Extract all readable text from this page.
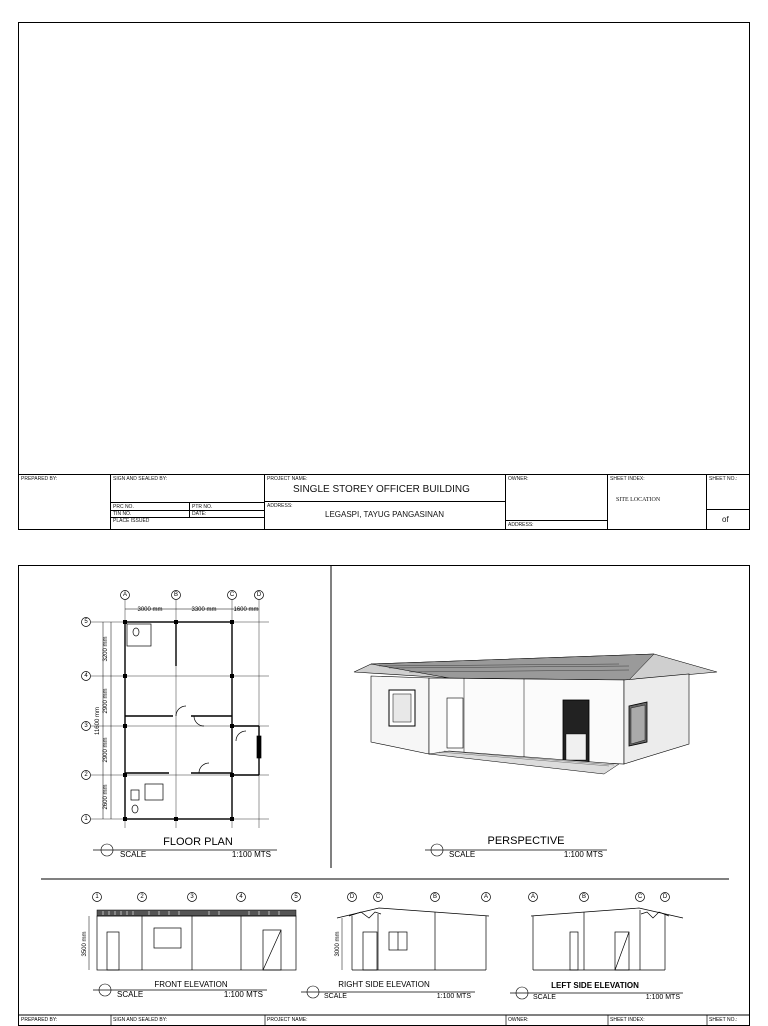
PREPARED BY:	SIGN AND SEALED BY:
PRC NO.	PTR NO.
TIN NO.	DATE:
PLACE ISSUED
PROJECT NAME:
SINGLE STOREY OFFICER BUILDING
ADDRESS:
LEGASPI, TAYUG PANGASINAN
OWNER:
ADDRESS:
SHEET INDEX:
SITE LOCATION
SHEET NO.:
of
A	B	C	D
3000 mm	3300 mm	1600 mm
5
4
3
2
1
3200 mm
2900 mm
2900 mm
2600 mm
11600 mm
FLOOR PLAN
SCALE	1:100 MTS
PERSPECTIVE
SCALE	1:100 MTS
1	2	3	4	5
3500 mm
FRONT ELEVATION
SCALE	1:100 MTS
D	C	B	A
3000 mm
RIGHT SIDE ELEVATION
SCALE	1:100 MTS
A	B	C	D
LEFT SIDE ELEVATION
SCALE	1:100 MTS
PREPARED BY:	SIGN AND SEALED BY:	PROJECT NAME:	OWNER:	SHEET INDEX:	SHEET NO.:
